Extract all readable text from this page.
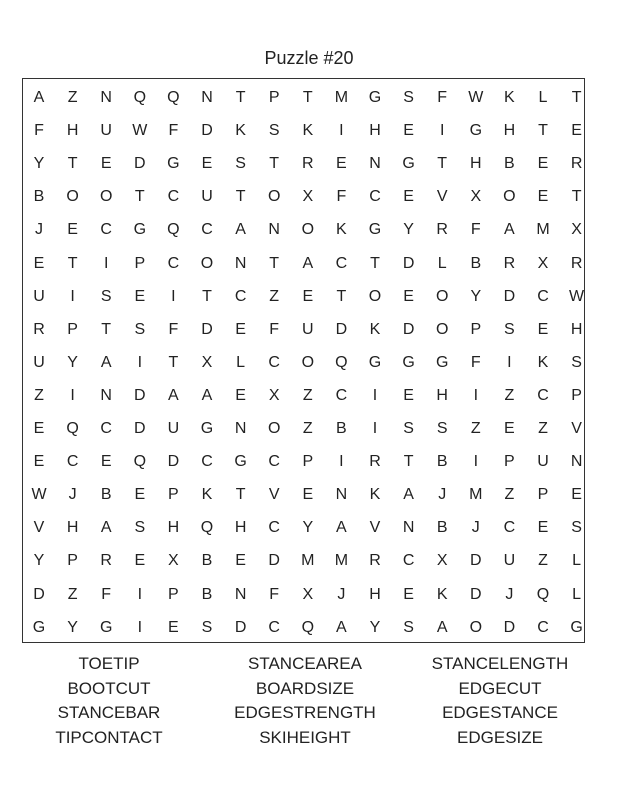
Puzzle #20
A	Z	N	Q	Q	N	T	P	T	M	G	S	F	W	K	L	T
F	H	U	W	F	D	K	S	K	I	H	E	I	G	H	T	E
Y	T	E	D	G	E	S	T	R	E	N	G	T	H	B	E	R
B	O	O	T	C	U	T	O	X	F	C	E	V	X	O	E	T
J	E	C	G	Q	C	A	N	O	K	G	Y	R	F	A	M	X
E	T	I	P	C	O	N	T	A	C	T	D	L	B	R	X	R
U	I	S	E	I	T	C	Z	E	T	O	E	O	Y	D	C	W
R	P	T	S	F	D	E	F	U	D	K	D	O	P	S	E	H
U	Y	A	I	T	X	L	C	O	Q	G	G	G	F	I	K	S
Z	I	N	D	A	A	E	X	Z	C	I	E	H	I	Z	C	P
E	Q	C	D	U	G	N	O	Z	B	I	S	S	Z	E	Z	V
E	C	E	Q	D	C	G	C	P	I	R	T	B	I	P	U	N
W	J	B	E	P	K	T	V	E	N	K	A	J	M	Z	P	E
V	H	A	S	H	Q	H	C	Y	A	V	N	B	J	C	E	S
Y	P	R	E	X	B	E	D	M	M	R	C	X	D	U	Z	L
D	Z	F	I	P	B	N	F	X	J	H	E	K	D	J	Q	L
G	Y	G	I	E	S	D	C	Q	A	Y	S	A	O	D	C	G
TOETIP
BOOTCUT
STANCEBAR
TIPCONTACT
STANCEAREA
BOARDSIZE
EDGESTRENGTH
SKIHEIGHT
STANCELENGTH
EDGECUT
EDGESTANCE
EDGESIZE
